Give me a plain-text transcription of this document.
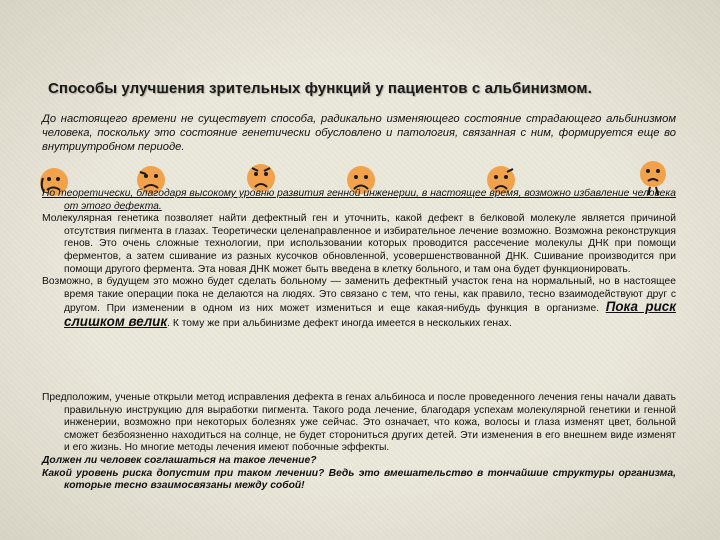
Способы улучшения зрительных функций у пациентов с альбинизмом.
До настоящего времени не существует способа, радикально изменяющего состояние страдающего альбинизмом человека, поскольку это состояние генетически обусловлено и патология, связанная с ним, формируется еще во внутриутробном периоде.

Но теоретически, благодаря высокому уровню развития генной инженерии, в настоящее время, возможно избавление человека от этого дефекта.

Молекулярная генетика позволяет найти дефектный ген и уточнить, какой дефект в белковой молекуле является причиной отсутствия пигмента в глазах. Теоретически целенаправленное и избирательное лечение возможно. Возможна реконструкция генов. Это очень сложные технологии, при использовании которых проводится рассечение молекулы ДНК при помощи ферментов, а затем сшивание из разных кусочков обновленной, усовершенствованной ДНК. Сшивание производится при помощи другого фермента. Эта новая ДНК может быть введена в клетку больного, и там она будет функционировать.

Возможно, в будущем это можно будет сделать больному — заменить дефектный участок гена на нормальный, но в настоящее время такие операции пока не делаются на людях. Это связано с тем, что гены, как правило, тесно взаимодействуют друг с другом. При изменении в одном из них может измениться и еще какая-нибудь функция в организме. Пока риск слишком велик. К тому же при альбинизме дефект иногда имеется в нескольких генах.

Предположим, ученые открыли метод исправления дефекта в генах альбиноса и после проведенного лечения гены начали давать правильную инструкцию для выработки пигмента. Такого рода лечение, благодаря успехам молекулярной генетики и генной инженерии, возможно при некоторых болезнях уже сейчас. Это означает, что кожа, волосы и глаза изменят цвет, больной сможет безбоязненно находиться на солнце, не будет сторониться других детей. Эти изменения в его внешнем виде изменят и его жизнь. Но многие методы лечения имеют побочные эффекты.

Должен ли человек соглашаться на такое лечение?

Какой уровень риска допустим при таком лечении? Ведь это вмешательство в тончайшие структуры организма, которые тесно взаимосвязаны между собой!
